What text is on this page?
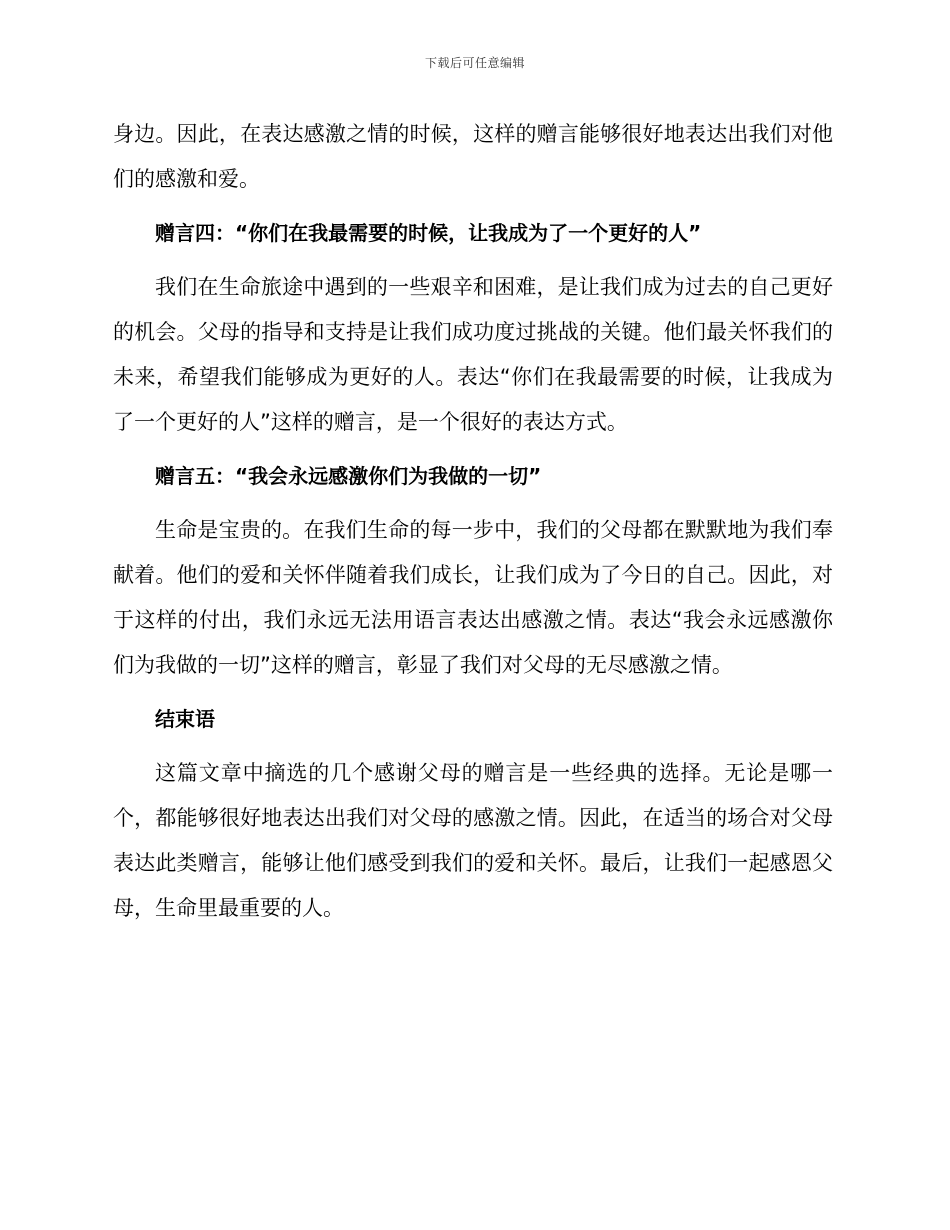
下载后可任意编辑

身边。因此，在表达感激之情的时候，这样的赠言能够很好地表达出我们对他们的感激和爱。

赠言四：“你们在我最需要的时候，让我成为了一个更好的人”

我们在生命旅途中遇到的一些艰辛和困难，是让我们成为过去的自己更好的机会。父母的指导和支持是让我们成功度过挑战的关键。他们最关怀我们的未来，希望我们能够成为更好的人。表达“你们在我最需要的时候，让我成为了一个更好的人”这样的赠言，是一个很好的表达方式。

赠言五：“我会永远感激你们为我做的一切”

生命是宝贵的。在我们生命的每一步中，我们的父母都在默默地为我们奉献着。他们的爱和关怀伴随着我们成长，让我们成为了今日的自己。因此，对于这样的付出，我们永远无法用语言表达出感激之情。表达“我会永远感激你们为我做的一切”这样的赠言，彰显了我们对父母的无尽感激之情。

结束语

这篇文章中摘选的几个感谢父母的赠言是一些经典的选择。无论是哪一个，都能够很好地表达出我们对父母的感激之情。因此，在适当的场合对父母表达此类赠言，能够让他们感受到我们的爱和关怀。最后，让我们一起感恩父母，生命里最重要的人。
